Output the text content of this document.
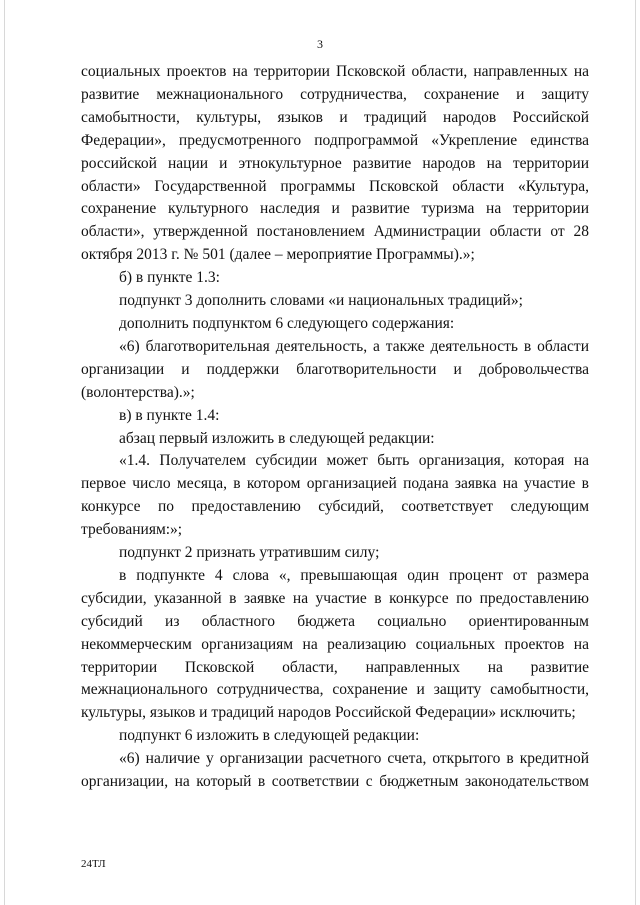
3

социальных проектов на территории Псковской области, направленных на развитие межнационального сотрудничества, сохранение и защиту самобытности, культуры, языков и традиций народов Российской Федерации», предусмотренного подпрограммой «Укрепление единства российской нации и этнокультурное развитие народов на территории области» Государственной программы Псковской области «Культура, сохранение культурного наследия и развитие туризма на территории области», утвержденной постановлением Администрации области от 28 октября 2013 г. № 501 (далее – мероприятие Программы).»;

б) в пункте 1.3:

подпункт 3 дополнить словами «и национальных традиций»;

дополнить подпунктом 6 следующего содержания:

«6) благотворительная деятельность, а также деятельность в области организации и поддержки благотворительности и добровольчества (волонтерства).»;

в) в пункте 1.4:

абзац первый изложить в следующей редакции:

«1.4. Получателем субсидии может быть организация, которая на первое число месяца, в котором организацией подана заявка на участие в конкурсе по предоставлению субсидий, соответствует следующим требованиям:»;

подпункт 2 признать утратившим силу;

в подпункте 4 слова «, превышающая один процент от размера субсидии, указанной в заявке на участие в конкурсе по предоставлению субсидий из областного бюджета социально ориентированным некоммерческим организациям на реализацию социальных проектов на территории Псковской области, направленных на развитие межнационального сотрудничества, сохранение и защиту самобытности, культуры, языков и традиций народов Российской Федерации» исключить;

подпункт 6 изложить в следующей редакции:

«6) наличие у организации расчетного счета, открытого в кредитной организации, на который в соответствии с бюджетным законодательством

24ТЛ
